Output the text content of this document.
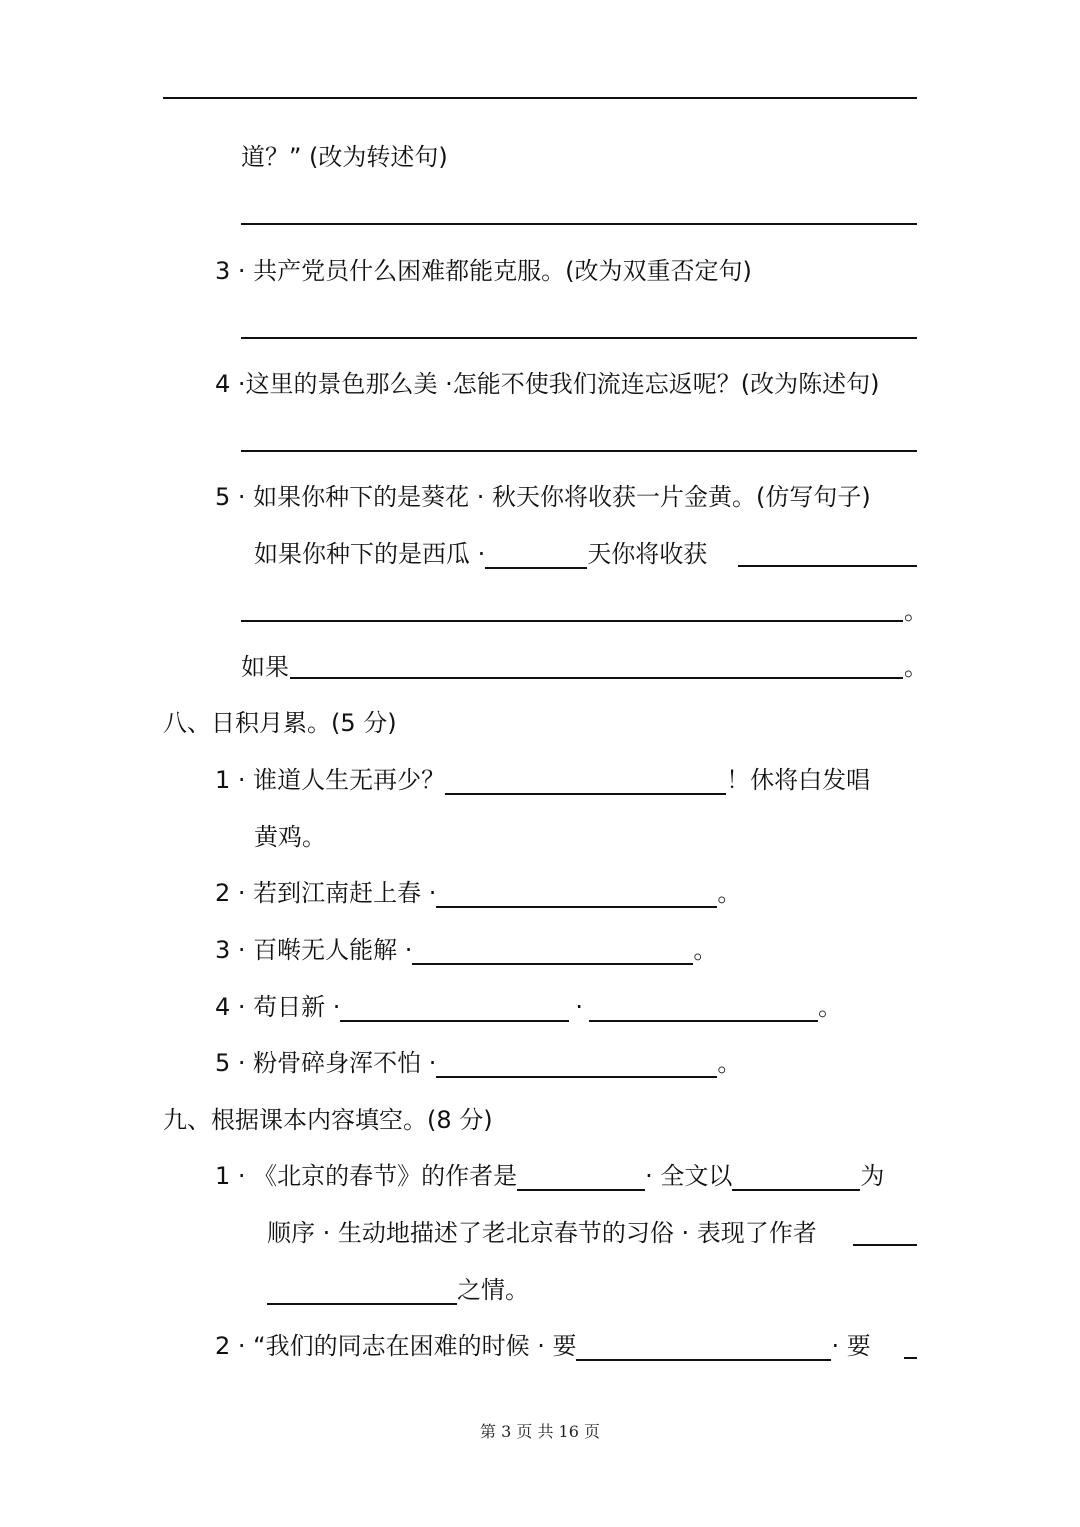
道？” (改为转述句)
3 · 共产党员什么困难都能克服。(改为双重否定句)
4 ·这里的景色那么美 ·怎能不使我们流连忘返呢？(改为陈述句)
5 · 如果你种下的是葵花 · 秋天你将收获一片金黄。(仿写句子)
如果你种下的是西瓜 ·	天你将收获
。
如果	。
八、日积月累。(5 分)
1 · 谁道人生无再少？	！休将白发唱
黄鸡。
2 · 若到江南赶上春 ·	。
3 · 百啭无人能解 ·	。
4 · 苟日新 ·	·	。
5 · 粉骨碎身浑不怕 ·	。
九、根据课本内容填空。(8 分)
1 · 《北京的春节》的作者是	· 全文以	为
顺序 · 生动地描述了老北京春节的习俗 · 表现了作者
之情。
2 · “我们的同志在困难的时候 · 要	· 要
第 3 页 共 16 页
